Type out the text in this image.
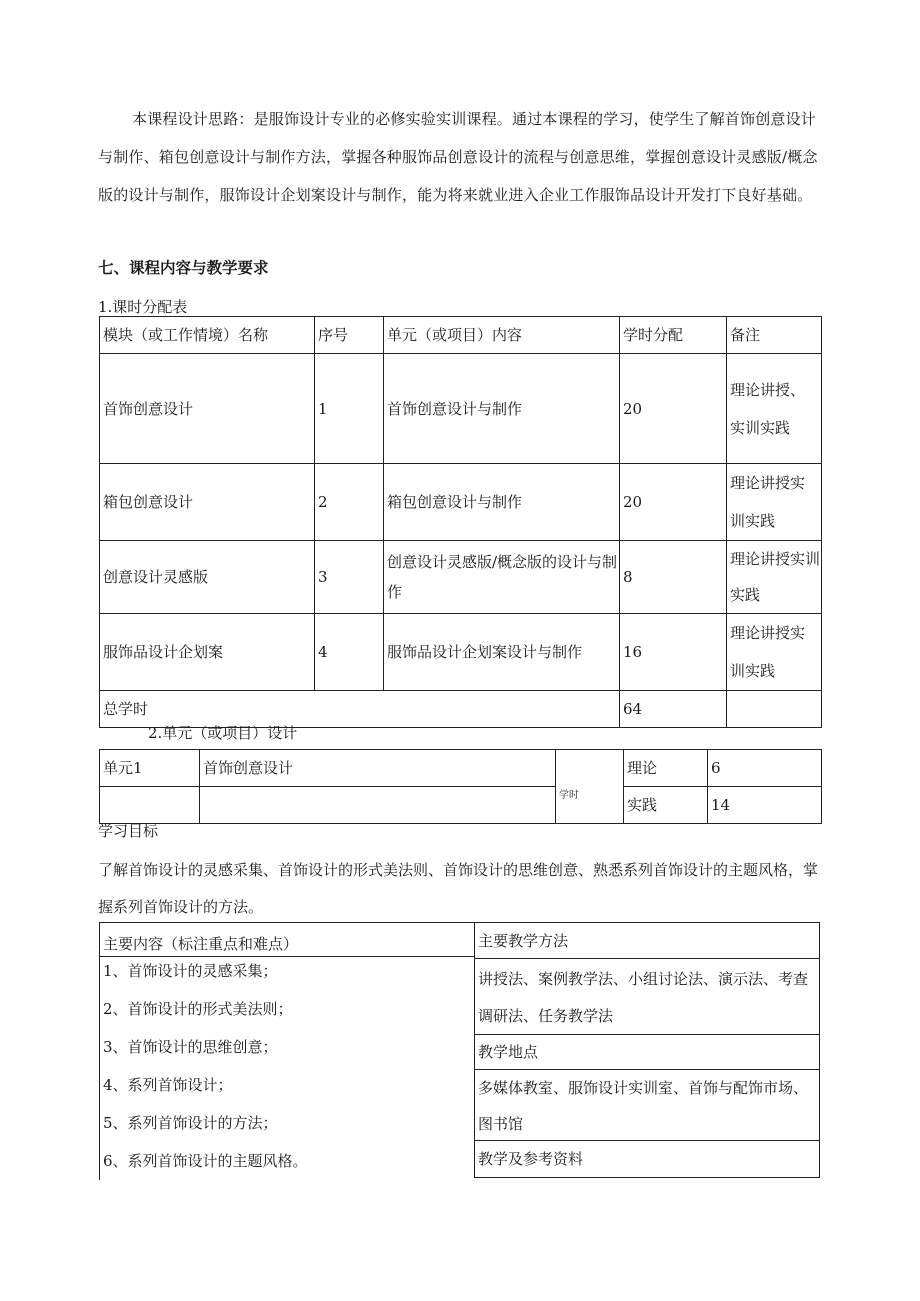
本课程设计思路：是服饰设计专业的必修实验实训课程。通过本课程的学习，使学生了解首饰创意设计与制作、箱包创意设计与制作方法，掌握各种服饰品创意设计的流程与创意思维，掌握创意设计灵感版/概念版的设计与制作，服饰设计企划案设计与制作，能为将来就业进入企业工作服饰品设计开发打下良好基础。

七、课程内容与教学要求
1.课时分配表
模块（或工作情境）名称	序号	单元（或项目）内容	学时分配	备注
首饰创意设计	1	首饰创意设计与制作	20	理论讲授、实训实践
箱包创意设计	2	箱包创意设计与制作	20	理论讲授实训实践
创意设计灵感版	3	创意设计灵感版/概念版的设计与制作	8	理论讲授实训实践
服饰品设计企划案	4	服饰品设计企划案设计与制作	16	理论讲授实训实践
总学时			64	
2.单元（或项目）设计
单元1	首饰创意设计		理论	6
		学时	实践	14
学习目标

了解首饰设计的灵感采集、首饰设计的形式美法则、首饰设计的思维创意、熟悉系列首饰设计的主题风格，掌握系列首饰设计的方法。

主要内容（标注重点和难点）
1、首饰设计的灵感采集；
2、首饰设计的形式美法则；
3、首饰设计的思维创意；
4、系列首饰设计；
5、系列首饰设计的方法；
6、系列首饰设计的主题风格。
主要教学方法
讲授法、案例教学法、小组讨论法、演示法、考查调研法、任务教学法
教学地点
多媒体教室、服饰设计实训室、首饰与配饰市场、图书馆
教学及参考资料
